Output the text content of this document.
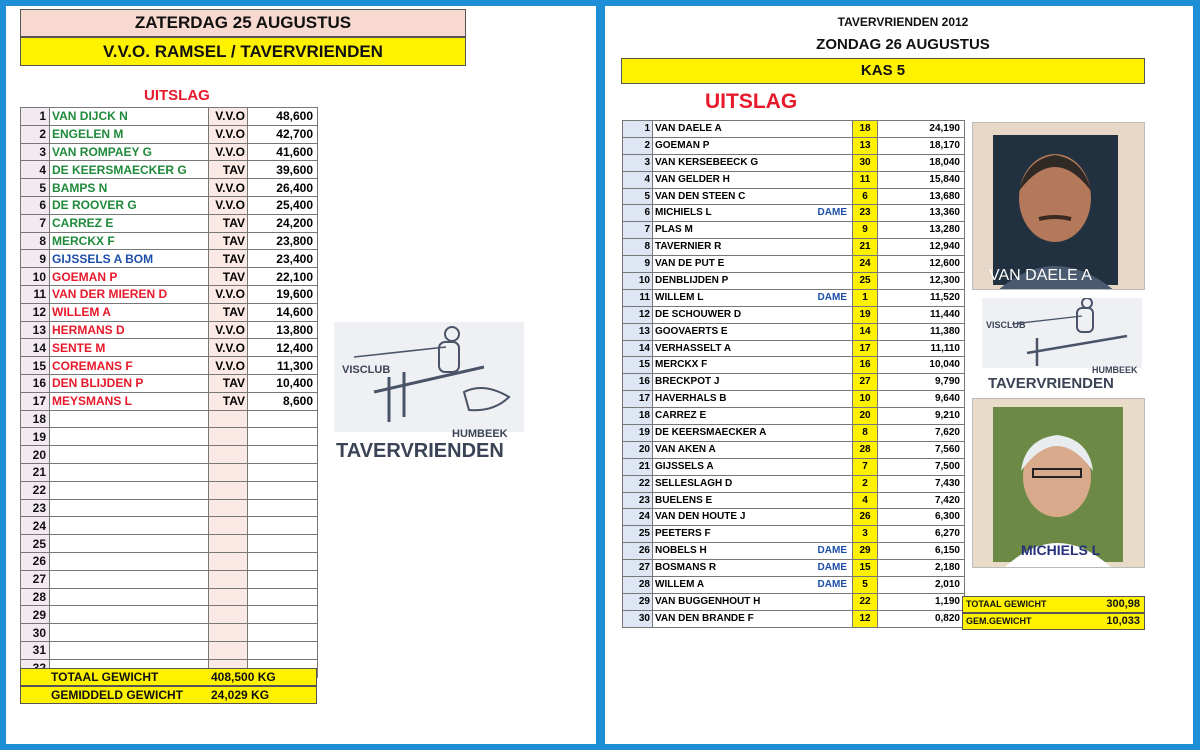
ZATERDAG 25 AUGUSTUS
V.V.O. RAMSEL / TAVERVRIENDEN
UITSLAG
1	VAN DIJCK N	V.V.O	48,600
2	ENGELEN M	V.V.O	42,700
3	VAN ROMPAEY G	V.V.O	41,600
4	DE KEERSMAECKER G	TAV	39,600
5	BAMPS N	V.V.O	26,400
6	DE ROOVER G	V.V.O	25,400
7	CARREZ E	TAV	24,200
8	MERCKX F	TAV	23,800
9	GIJSSELS A BOM	TAV	23,400
10	GOEMAN P	TAV	22,100
11	VAN DER MIEREN D	V.V.O	19,600
12	WILLEM A	TAV	14,600
13	HERMANS D	V.V.O	13,800
14	SENTE M	V.V.O	12,400
15	COREMANS F	V.V.O	11,300
16	DEN BLIJDEN P	TAV	10,400
17	MEYSMANS L	TAV	8,600
18			
19			
20			
21			
22			
23			
24			
25			
26			
27			
28			
29			
30			
31			

TOTAAL GEWICHT	408,500 KG
GEMIDDELD GEWICHT 24,029 KG
VISCLUB
HUMBEEK
TAVERVRIENDEN
TAVERVRIENDEN 2012
ZONDAG 26 AUGUSTUS
KAS 5
UITSLAG
1	VAN DAELE A	18	24,190
2	GOEMAN P	13	18,170
3	VAN KERSEBEECK G	30	18,040
4	VAN GELDER H	11	15,840
5	VAN DEN STEEN C	6	13,680
6	MICHIELS L DAME	23	13,360
7	PLAS M	9	13,280
8	TAVERNIER R	21	12,940
9	VAN DE PUT E	24	12,600
10	DENBLIJDEN P	25	12,300
11	WILLEM L DAME	1	11,520
12	DE SCHOUWER D	19	11,440
13	GOOVAERTS E	14	11,380
14	VERHASSELT A	17	11,110
15	MERCKX F	16	10,040
16	BRECKPOT J	27	9,790
17	HAVERHALS B	10	9,640
18	CARREZ E	20	9,210
19	DE KEERSMAECKER A	8	7,620
20	VAN AKEN A	28	7,560
21	GIJSSELS A	7	7,500
22	SELLESLAGH D	2	7,430
23	BUELENS E	4	7,420
24	VAN DEN HOUTE J	26	6,300
25	PEETERS F	3	6,270
26	NOBELS H DAME	29	6,150
27	BOSMANS R DAME	15	2,180
28	WILLEM A DAME	5	2,010
29	VAN BUGGENHOUT H	22	1,190
30	VAN DEN BRANDE F	12	0,820
TOTAAL GEWICHT	300,98
GEM.GEWICHT	10,033
VAN DAELE A
VISCLUB
HUMBEEK
TAVERVRIENDEN
MICHIELS L
